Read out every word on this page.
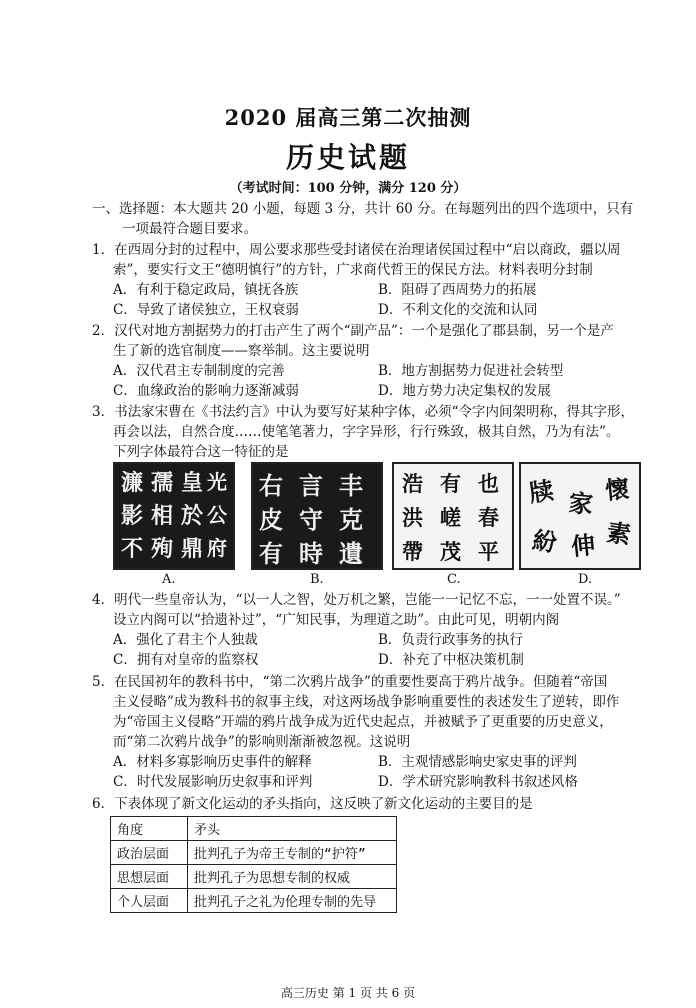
2020 届高三第二次抽测
历史试题
（考试时间：100 分钟，满分 120 分）
一、选择题：本大题共 20 小题，每题 3 分，共计 60 分。在每题列出的四个选项中，只有
一项最符合题目要求。
1．在西周分封的过程中，周公要求那些受封诸侯在治理诸侯国过程中“启以商政，疆以周
索”，要实行文王“德明慎行”的方针，广求商代哲王的保民方法。材料表明分封制
A．有利于稳定政局，镇抚各族	B．阻碍了西周势力的拓展
C．导致了诸侯独立，王权衰弱	D．不利文化的交流和认同
2．汉代对地方割据势力的打击产生了两个“副产品”：一个是强化了郡县制，另一个是产
生了新的选官制度——察举制。这主要说明
A．汉代君主专制制度的完善	B．地方割据势力促进社会转型
C．血缘政治的影响力逐渐减弱	D．地方势力决定集权的发展
3．书法家宋曹在《书法约言》中认为要写好某种字体，必须“令字内间架明称，得其字形，
再会以法，自然合度……使笔笔著力，字字异形，行行殊致，极其自然，乃为有法”。
下列字体最符合这一特征的是
濂 孺 皇 光
影 相 於 公
不 殉 鼎 府
右 言 丰
皮 守 克
有 時 遺
浩 有 也
洪 嵯 春
帶 茂 平
牍 家 懷
紛 伸 素
A.	B.	C.	D.
4．明代一些皇帝认为，“以一人之智，处万机之繁，岂能一一记忆不忘，一一处置不误。”
设立内阁可以“拾遗补过”，“广知民事，为理道之助”。由此可见，明朝内阁
A．强化了君主个人独裁	B．负责行政事务的执行
C．拥有对皇帝的监察权	D．补充了中枢决策机制
5．在民国初年的教科书中，“第二次鸦片战争”的重要性要高于鸦片战争。但随着“帝国
主义侵略”成为教科书的叙事主线，对这两场战争影响重要性的表述发生了逆转，即作
为“帝国主义侵略”开端的鸦片战争成为近代史起点，并被赋予了更重要的历史意义，
而“第二次鸦片战争”的影响则渐渐被忽视。这说明
A．材料多寡影响历史事件的解释	B．主观情感影响史家史事的评判
C．时代发展影响历史叙事和评判	D．学术研究影响教科书叙述风格
6．下表体现了新文化运动的矛头指向，这反映了新文化运动的主要目的是
角度	矛头
政治层面	批判孔子为帝王专制的“护符”
思想层面	批判孔子为思想专制的权威
个人层面	批判孔子之礼为伦理专制的先导
高三历史 第 1 页 共 6 页
